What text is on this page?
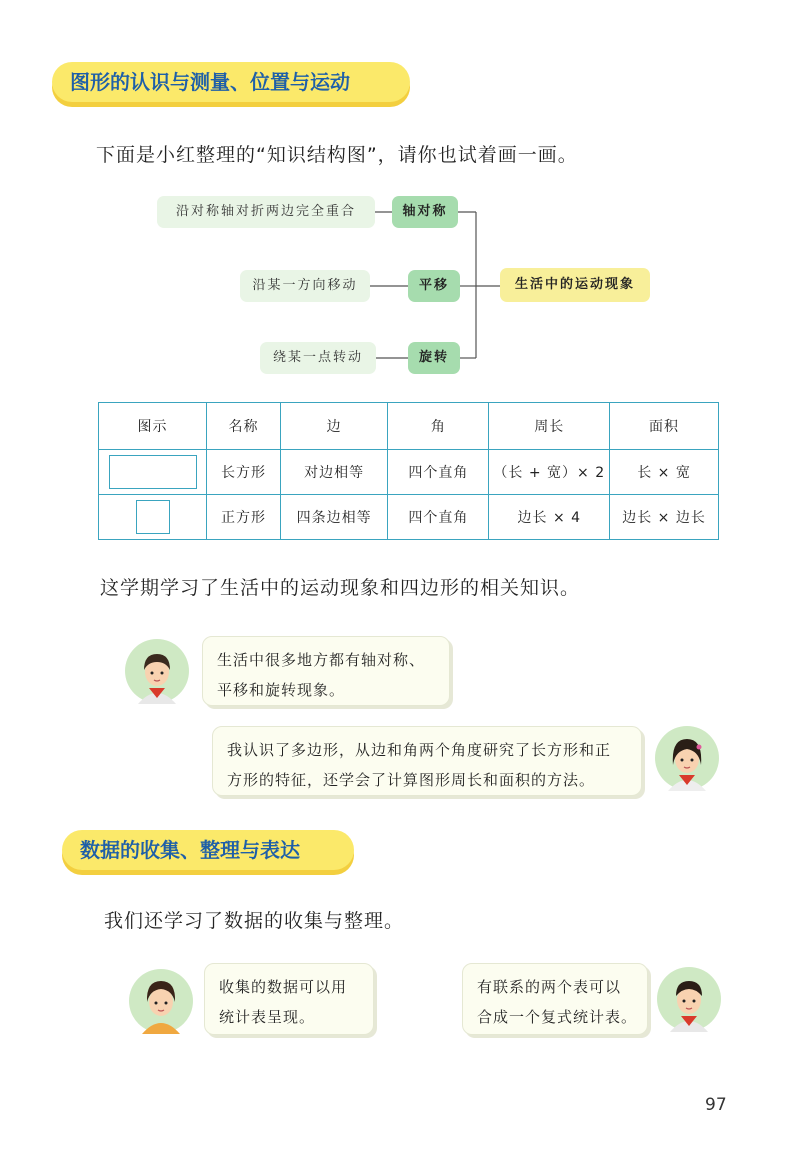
图形的认识与测量、位置与运动
下面是小红整理的“知识结构图”，请你也试着画一画。
沿对称轴对折两边完全重合	轴对称
沿某一方向移动	平移
绕某一点转动	旋转
生活中的运动现象
图示	名称	边	角	周长	面积
	长方形	对边相等	四个直角	（长 + 宽）× 2	长 × 宽
	正方形	四条边相等	四个直角	边长 × 4	边长 × 边长
这学期学习了生活中的运动现象和四边形的相关知识。
生活中很多地方都有轴对称、
平移和旋转现象。
我认识了多边形，从边和角两个角度研究了长方形和正
方形的特征，还学会了计算图形周长和面积的方法。
数据的收集、整理与表达
我们还学习了数据的收集与整理。
收集的数据可以用
统计表呈现。
有联系的两个表可以
合成一个复式统计表。
97
